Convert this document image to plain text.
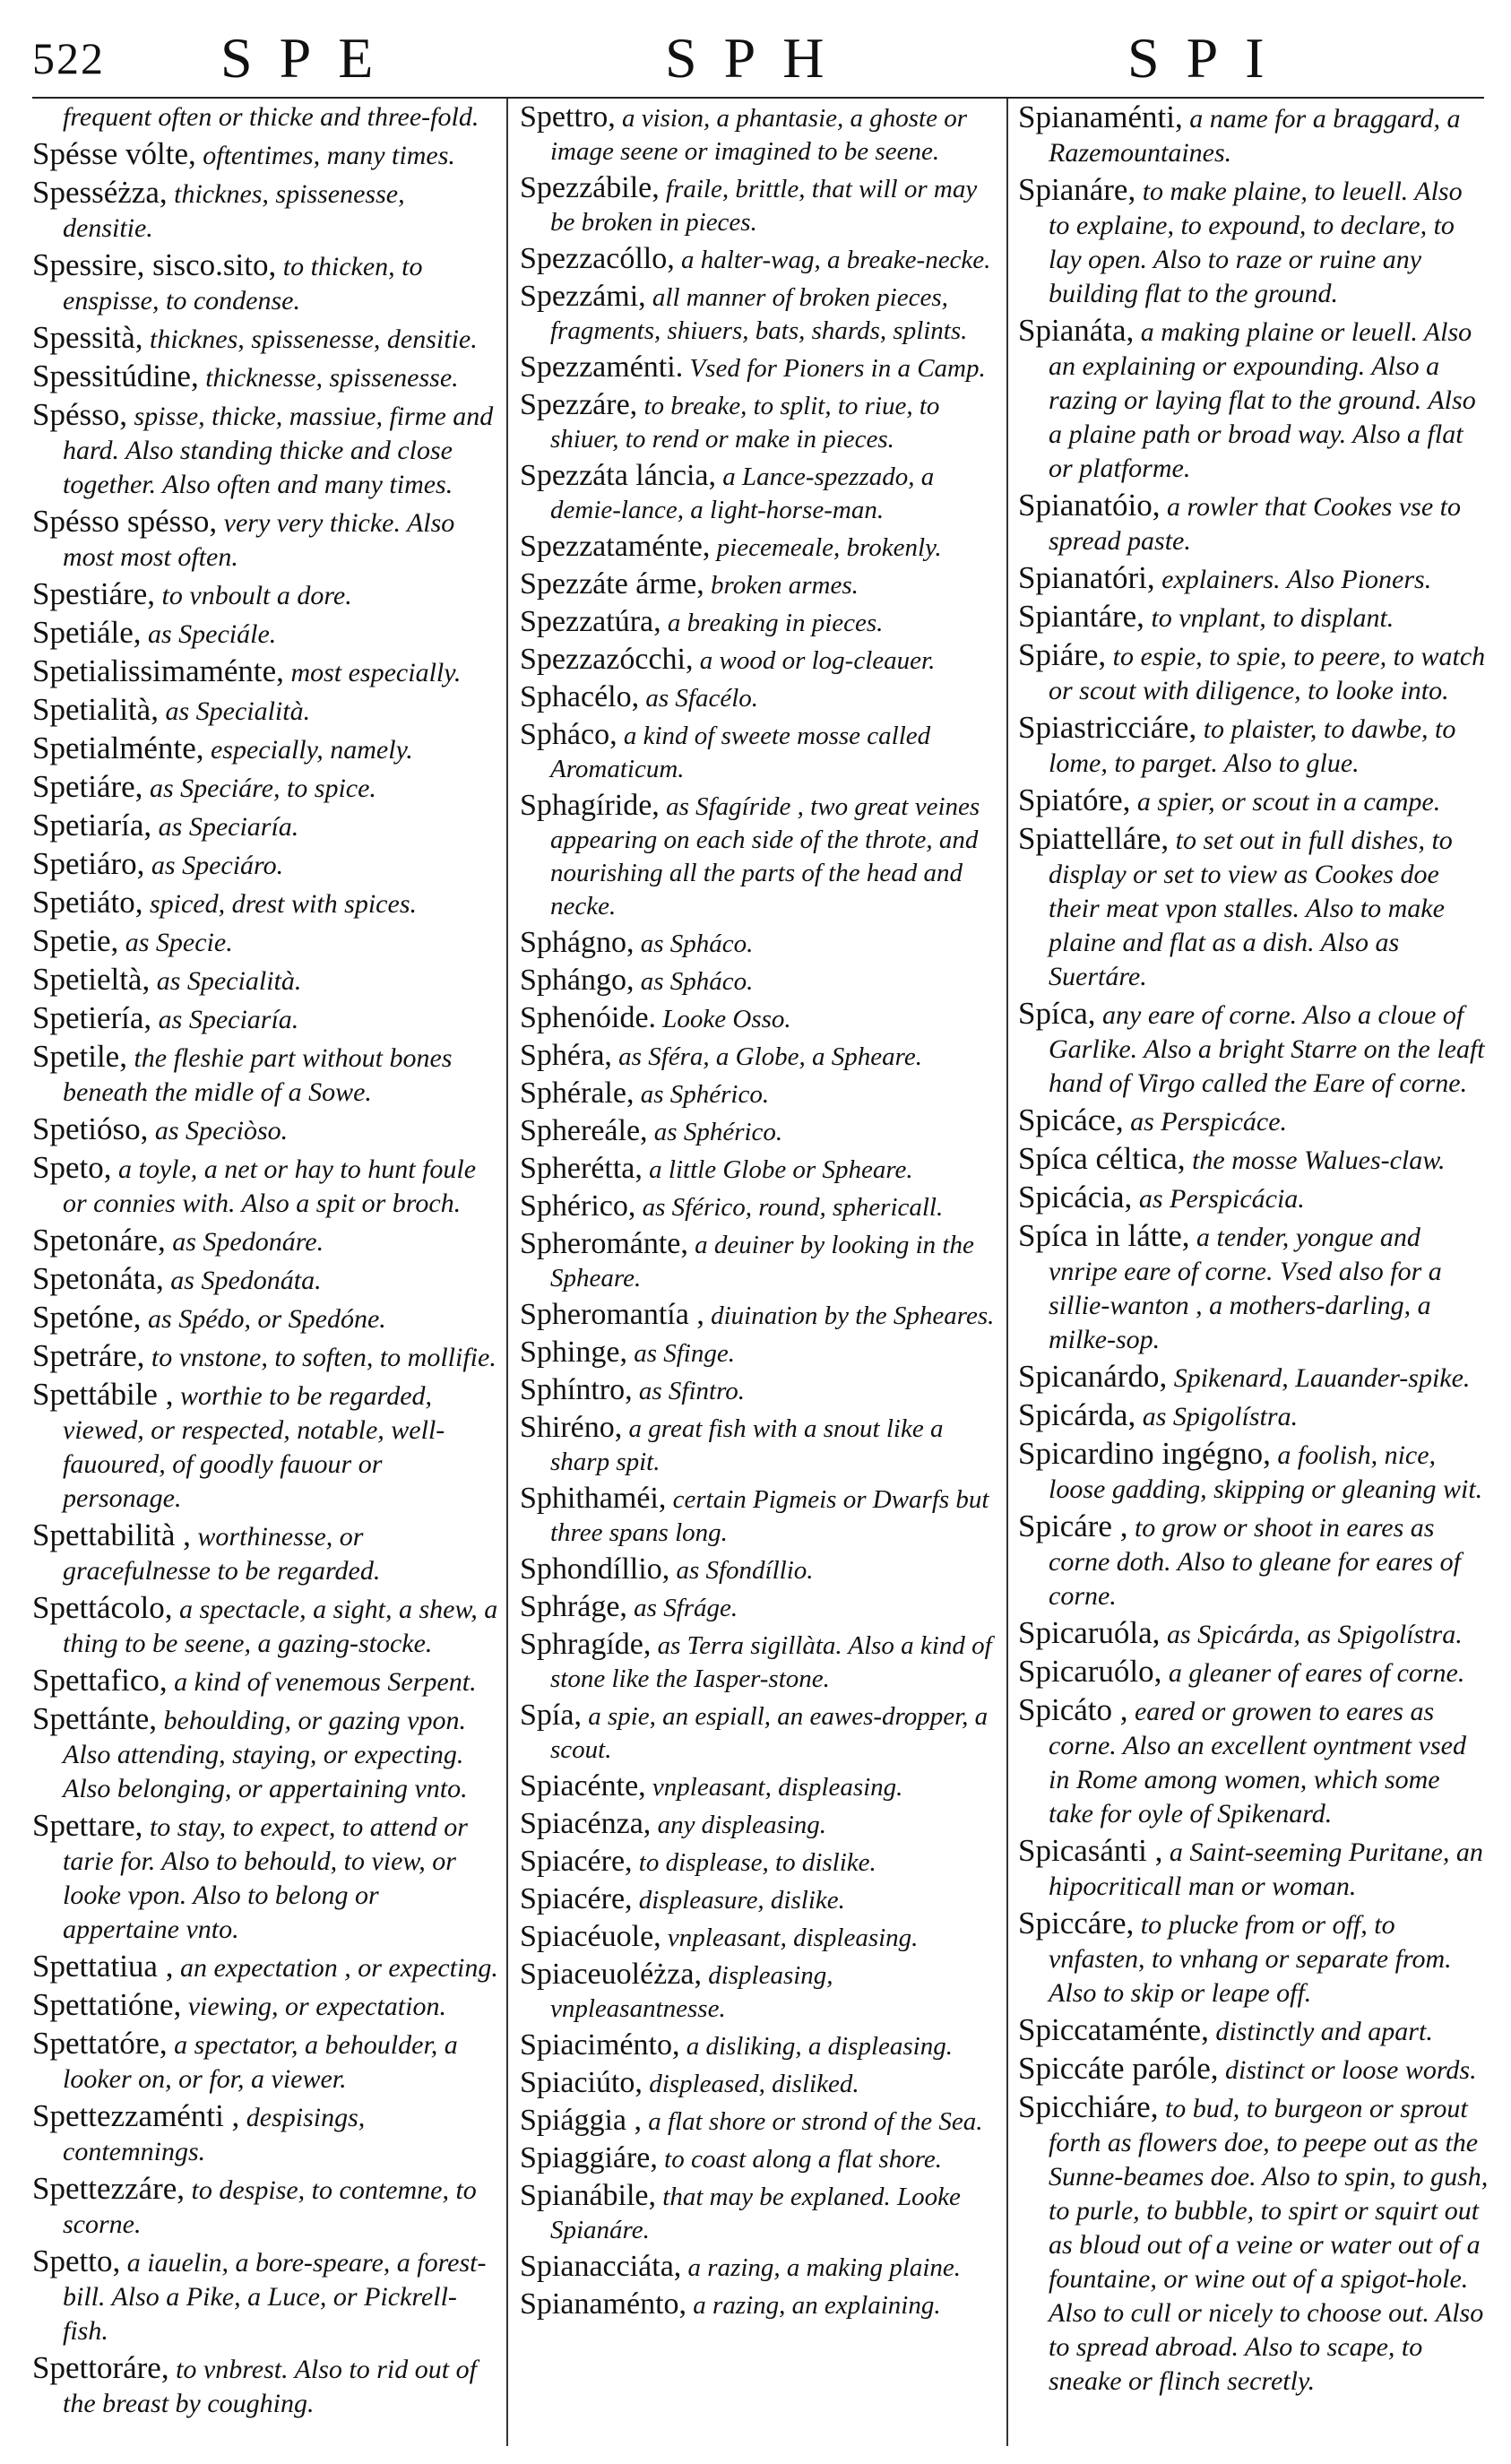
522 SPE	SPH	SPI

frequent often or thicke and three-fold.

Spésse vólte, oftentimes, many times.

Spesséżza, thicknes, spissenesse, densitie.

Spessire, sisco.sito, to thicken, to enspisse, to condense.

Spessità, thicknes, spissenesse, densitie.

Spessitúdine, thicknesse, spissenesse.

Spésso, spisse, thicke, massiue, firme and hard. Also standing thicke and close together. Also often and many times.

Spésso spésso, very very thicke. Also most most often.

Spestiáre, to vnboult a dore.

Spetiále, as Speciále.

Spetialissimaménte, most especially.

Spetialità, as Specialità.

Spetialménte, especially, namely.

Spetiáre, as Speciáre, to spice.

Spetiaría, as Speciaría.

Spetiáro, as Speciáro.

Spetiáto, spiced, drest with spices.

Spetie, as Specie.

Spetieltà, as Specialità.

Spetiería, as Speciaría.

Spetile, the fleshie part without bones beneath the midle of a Sowe.

Spetióso, as Speciòso.

Speto, a toyle, a net or hay to hunt foule or connies with. Also a spit or broch.

Spetonáre, as Spedonáre.

Spetonáta, as Spedonáta.

Spetóne, as Spédo, or Spedóne.

Spetráre, to vnstone, to soften, to mollifie.

Spettábile , worthie to be regarded, viewed, or respected, notable, well-fauoured, of goodly fauour or personage.

Spettabilità , worthinesse, or gracefulnesse to be regarded.

Spettácolo, a spectacle, a sight, a shew, a thing to be seene, a gazing-stocke.

Spettafico, a kind of venemous Serpent.

Spettánte, behoulding, or gazing vpon. Also attending, staying, or expecting. Also belonging, or appertaining vnto.

Spettare, to stay, to expect, to attend or tarie for. Also to behould, to view, or looke vpon. Also to belong or appertaine vnto.

Spettatiua , an expectation , or expecting.

Spettatióne, viewing, or expectation.

Spettatóre, a spectator, a behoulder, a looker on, or for, a viewer.

Spettezzaménti , despisings, contemnings.

Spettezzáre, to despise, to contemne, to scorne.

Spetto, a iauelin, a bore-speare, a forest-bill. Also a Pike, a Luce, or Pickrell-fish.

Spettoráre, to vnbrest. Also to rid out of the breast by coughing.

Spettro, a vision, a phantasie, a ghoste or image seene or imagined to be seene.

Spezzábile, fraile, brittle, that will or may be broken in pieces.

Spezzacóllo, a halter-wag, a breake-necke.

Spezzámi, all manner of broken pieces, fragments, shiuers, bats, shards, splints.

Spezzaménti. Vsed for Pioners in a Camp.

Spezzáre, to breake, to split, to riue, to shiuer, to rend or make in pieces.

Spezzáta láncia, a Lance-spezzado, a demie-lance, a light-horse-man.

Spezzataménte, piecemeale, brokenly.

Spezzáte árme, broken armes.

Spezzatúra, a breaking in pieces.

Spezzazócchi, a wood or log-cleauer.

Sphacélo, as Sfacélo.

Spháco, a kind of sweete mosse called Aromaticum.

Sphagíride, as Sfagíride , two great veines appearing on each side of the throte, and nourishing all the parts of the head and necke.

Sphágno, as Spháco.

Sphángo, as Spháco.

Sphenóide. Looke Osso.

Sphéra, as Sféra, a Globe, a Spheare.

Sphérale, as Sphérico.

Sphereále, as Sphérico.

Spherétta, a little Globe or Spheare.

Sphérico, as Sférico, round, sphericall.

Spherománte, a deuiner by looking in the Spheare.

Spheromantía , diuination by the Spheares.

Sphinge, as Sfinge.

Sphíntro, as Sfintro.

Shiréno, a great fish with a snout like a sharp spit.

Sphithaméi, certain Pigmeis or Dwarfs but three spans long.

Sphondíllio, as Sfondíllio.

Sphráge, as Sfráge.

Sphragíde, as Terra sigillàta. Also a kind of stone like the Iasper-stone.

Spía, a spie, an espiall, an eawes-dropper, a scout.

Spiacénte, vnpleasant, displeasing.

Spiacénza, any displeasing.

Spiacére, to displease, to dislike.

Spiacére, displeasure, dislike.

Spiacéuole, vnpleasant, displeasing.

Spiaceuoléżza, displeasing, vnpleasantnesse.

Spiaciménto, a disliking, a displeasing.

Spiaciúto, displeased, disliked.

Spiággia , a flat shore or strond of the Sea.

Spiaggiáre, to coast along a flat shore.

Spianábile, that may be explaned. Looke Spianáre.

Spianacciáta, a razing, a making plaine.

Spianaménto, a razing, an explaining.

Spianaménti, a name for a braggard, a Razemountaines.

Spianáre, to make plaine, to leuell. Also to explaine, to expound, to declare, to lay open. Also to raze or ruine any building flat to the ground.

Spianáta, a making plaine or leuell. Also an explaining or expounding. Also a razing or laying flat to the ground. Also a plaine path or broad way. Also a flat or platforme.

Spianatóio, a rowler that Cookes vse to spread paste.

Spianatóri, explainers. Also Pioners.

Spiantáre, to vnplant, to displant.

Spiáre, to espie, to spie, to peere, to watch or scout with diligence, to looke into.

Spiastricciáre, to plaister, to dawbe, to lome, to parget. Also to glue.

Spiatóre, a spier, or scout in a campe.

Spiattelláre, to set out in full dishes, to display or set to view as Cookes doe their meat vpon stalles. Also to make plaine and flat as a dish. Also as Suertáre.

Spíca, any eare of corne. Also a cloue of Garlike. Also a bright Starre on the leaft hand of Virgo called the Eare of corne.

Spicáce, as Perspicáce.

Spíca céltica, the mosse Walues-claw.

Spicácia, as Perspicácia.

Spíca in látte, a tender, yongue and vnripe eare of corne. Vsed also for a sillie-wanton , a mothers-darling, a milke-sop.

Spicanárdo, Spikenard, Lauander-spike.

Spicárda, as Spigolístra.

Spicardino ingégno, a foolish, nice, loose gadding, skipping or gleaning wit.

Spicáre , to grow or shoot in eares as corne doth. Also to gleane for eares of corne.

Spicaruóla, as Spicárda, as Spigolístra.

Spicaruólo, a gleaner of eares of corne.

Spicáto , eared or growen to eares as corne. Also an excellent oyntment vsed in Rome among women, which some take for oyle of Spikenard.

Spicasánti , a Saint-seeming Puritane, an hipocriticall man or woman.

Spiccáre, to plucke from or off, to vnfasten, to vnhang or separate from. Also to skip or leape off.

Spiccataménte, distinctly and apart.

Spiccáte paróle, distinct or loose words.

Spicchiáre, to bud, to burgeon or sprout forth as flowers doe, to peepe out as the Sunne-beames doe. Also to spin, to gush, to purle, to bubble, to spirt or squirt out as bloud out of a veine or water out of a fountaine, or wine out of a spigot-hole. Also to cull or nicely to choose out. Also to spread abroad. Also to scape, to sneake or flinch secretly.
